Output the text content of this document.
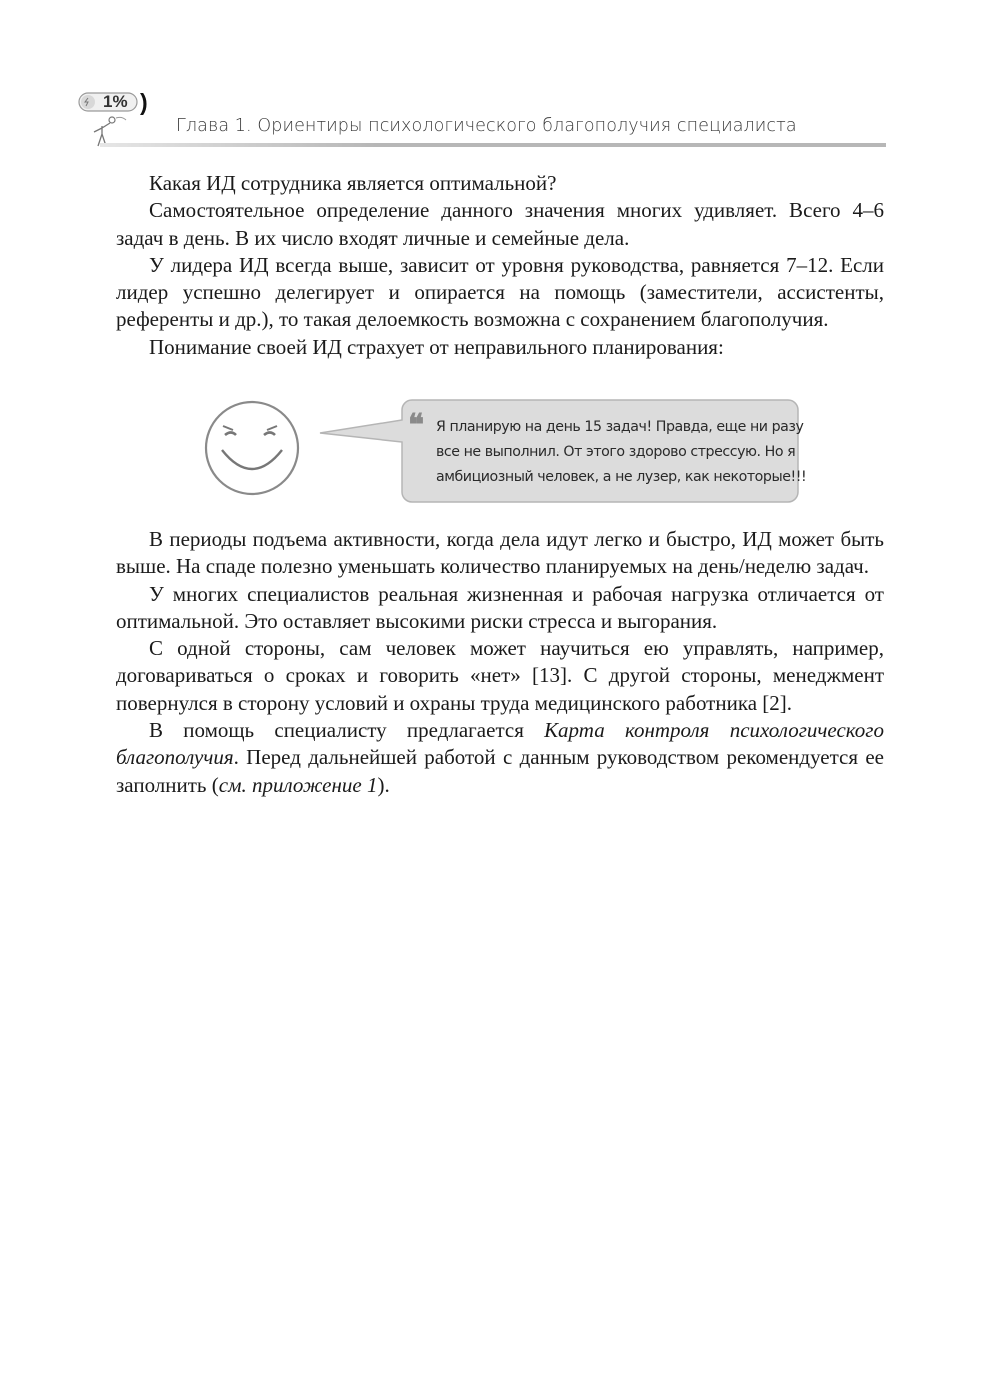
1% )
Глава 1. Ориентиры психологического благополучия специалиста

Какая ИД сотрудника является оптимальной?

Самостоятельное определение данного значения многих удивляет. Всего 4–6 задач в день. В их число входят личные и семейные дела.

У лидера ИД всегда выше, зависит от уровня руководства, равняется 7–12. Если лидер успешно делегирует и опирается на помощь (заместители, ассистенты, референты и др.), то такая делоемкость возможна с сохранением благополучия.

Понимание своей ИД страхует от неправильного планирования:

❝ Я планирую на день 15 задач! Правда, еще ни разу
все не выполнил. От этого здорово стрессую. Но я
амбициозный человек, а не лузер, как некоторые!!!

В периоды подъема активности, когда дела идут легко и быстро, ИД может быть выше. На спаде полезно уменьшать количество планируемых на день/неделю задач.

У многих специалистов реальная жизненная и рабочая нагрузка отличается от оптимальной. Это оставляет высокими риски стресса и выгорания.

С одной стороны, сам человек может научиться ею управлять, например, договариваться о сроках и говорить «нет» [13]. С другой стороны, менеджмент повернулся в сторону условий и охраны труда медицинского работника [2].

В помощь специалисту предлагается Карта контроля психологического благополучия. Перед дальнейшей работой с данным руководством рекомендуется ее заполнить (см. приложение 1).
